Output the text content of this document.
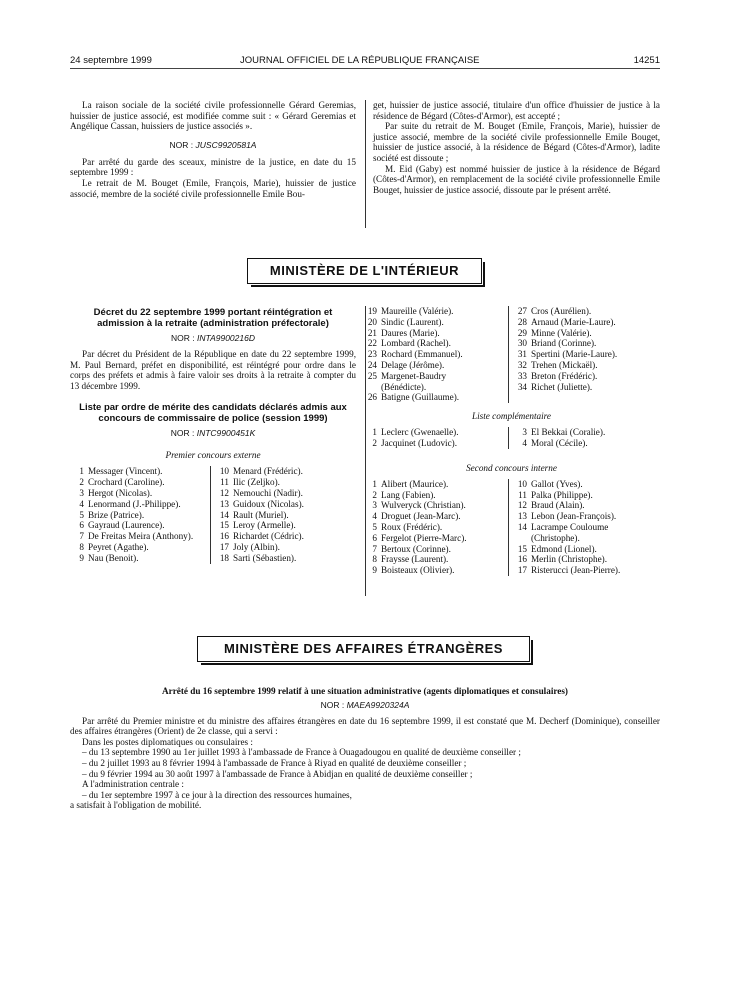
24 septembre 1999	JOURNAL OFFICIEL DE LA RÉPUBLIQUE FRANÇAISE	14251

La raison sociale de la société civile professionnelle Gérard Geremias, huissier de justice associé, est modifiée comme suit : « Gérard Geremias et Angélique Cassan, huissiers de justice associés ».

NOR : JUSC9920581A

Par arrêté du garde des sceaux, ministre de la justice, en date du 15 septembre 1999 :

Le retrait de M. Bouget (Emile, François, Marie), huissier de justice associé, membre de la société civile professionnelle Emile Bou-

get, huissier de justice associé, titulaire d'un office d'huissier de justice à la résidence de Bégard (Côtes-d'Armor), est accepté ;

Par suite du retrait de M. Bouget (Emile, François, Marie), huissier de justice associé, membre de la société civile professionnelle Emile Bouget, huissier de justice associé, à la résidence de Bégard (Côtes-d'Armor), ladite société est dissoute ;

M. Eid (Gaby) est nommé huissier de justice à la résidence de Bégard (Côtes-d'Armor), en remplacement de la société civile professionnelle Emile Bouget, huissier de justice associé, dissoute par le présent arrêté.

MINISTÈRE DE L'INTÉRIEUR

Décret du 22 septembre 1999 portant réintégration et admission à la retraite (administration préfectorale)

NOR : INTA9900216D

Par décret du Président de la République en date du 22 septembre 1999, M. Paul Bernard, préfet en disponibilité, est réintégré pour ordre dans le corps des préfets et admis à faire valoir ses droits à la retraite à compter du 13 décembre 1999.

Liste par ordre de mérite des candidats déclarés admis aux concours de commissaire de police (session 1999)

NOR : INTC9900451K
Premier concours externe
1 Messager (Vincent).
2 Crochard (Caroline).
3 Hergot (Nicolas).
4 Lenormand (J.-Philippe).
5 Brize (Patrice).
6 Gayraud (Laurence).
7 De Freitas Meira (Anthony).
8 Peyret (Agathe).
9 Nau (Benoit).
10 Menard (Frédéric).
11 Ilic (Zeljko).
12 Nemouchi (Nadir).
13 Guidoux (Nicolas).
14 Rault (Muriel).
15 Leroy (Armelle).
16 Richardet (Cédric).
17 Joly (Albin).
18 Sarti (Sébastien).
19 Maureille (Valérie).
20 Sindic (Laurent).
21 Daures (Marie).
22 Lombard (Rachel).
23 Rochard (Emmanuel).
24 Delage (Jérôme).
25 Margenet-Baudry
(Bénédicte).
26 Batigne (Guillaume).
27 Cros (Aurélien).
28 Arnaud (Marie-Laure).
29 Minne (Valérie).
30 Briand (Corinne).
31 Spertini (Marie-Laure).
32 Trehen (Mickaël).
33 Breton (Frédéric).
34 Richet (Juliette).
Liste complémentaire
1 Leclerc (Gwenaelle).
2 Jacquinet (Ludovic).
3 El Bekkai (Coralie).
4 Moral (Cécile).
Second concours interne
1 Alibert (Maurice).
2 Lang (Fabien).
3 Wulveryck (Christian).
4 Droguet (Jean-Marc).
5 Roux (Frédéric).
6 Fergelot (Pierre-Marc).
7 Bertoux (Corinne).
8 Fraysse (Laurent).
9 Boisteaux (Olivier).
10 Gallot (Yves).
11 Palka (Philippe).
12 Braud (Alain).
13 Lebon (Jean-François).
14 Lacrampe Couloume
(Christophe).
15 Edmond (Lionel).
16 Merlin (Christophe).
17 Risterucci (Jean-Pierre).
MINISTÈRE DES AFFAIRES ÉTRANGÈRES

Arrêté du 16 septembre 1999 relatif à une situation administrative (agents diplomatiques et consulaires)

NOR : MAEA9920324A

Par arrêté du Premier ministre et du ministre des affaires étrangères en date du 16 septembre 1999, il est constaté que M. Decherf (Dominique), conseiller des affaires étrangères (Orient) de 2e classe, qui a servi :

Dans les postes diplomatiques ou consulaires :

– du 13 septembre 1990 au 1er juillet 1993 à l'ambassade de France à Ouagadougou en qualité de deuxième conseiller ;

– du 2 juillet 1993 au 8 février 1994 à l'ambassade de France à Riyad en qualité de deuxième conseiller ;

– du 9 février 1994 au 30 août 1997 à l'ambassade de France à Abidjan en qualité de deuxième conseiller ;

A l'administration centrale :

– du 1er septembre 1997 à ce jour à la direction des ressources humaines,

a satisfait à l'obligation de mobilité.
